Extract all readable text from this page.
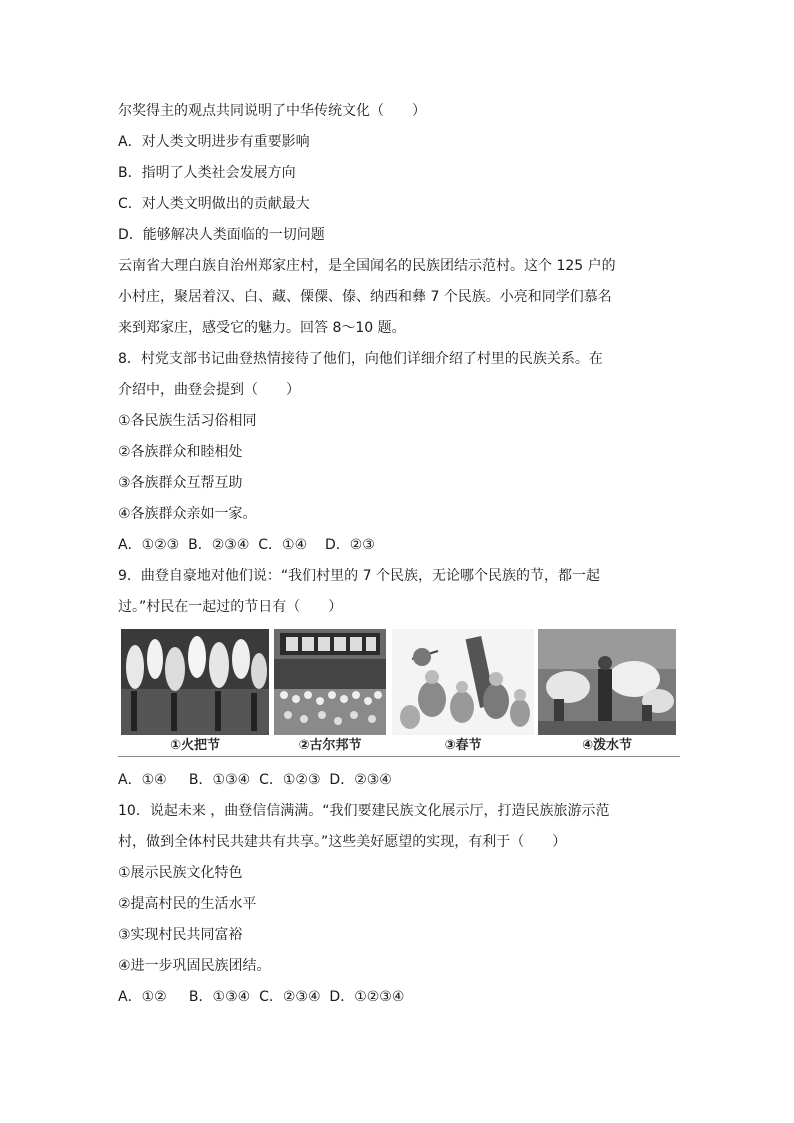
尔奖得主的观点共同说明了中华传统文化（　　）

A．对人类文明进步有重要影响

B．指明了人类社会发展方向

C．对人类文明做出的贡献最大

D．能够解决人类面临的一切问题

云南省大理白族自治州郑家庄村，是全国闻名的民族团结示范村。这个 125 户的

小村庄，聚居着汉、白、藏、傈僳、傣、纳西和彝 7 个民族。小亮和同学们慕名

来到郑家庄，感受它的魅力。回答 8～10 题。

8．村党支部书记曲登热情接待了他们，向他们详细介绍了村里的民族关系。在

介绍中，曲登会提到（　　）

①各民族生活习俗相同

②各族群众和睦相处

③各族群众互帮互助

④各族群众亲如一家。

A．①②③  B．②③④  C．①④    D．②③

9．曲登自豪地对他们说：“我们村里的 7 个民族，无论哪个民族的节，都一起

过。”村民在一起过的节日有（　　）

①火把节	②古尔邦节	③春节	④泼水节

A．①④     B．①③④  C．①②③  D．②③④

10．说起未来 ，曲登信信满满。“我们要建民族文化展示厅，打造民族旅游示范

村，做到全体村民共建共有共享。”这些美好愿望的实现，有利于（　　）

①展示民族文化特色

②提高村民的生活水平

③实现村民共同富裕

④进一步巩固民族团结。

A．①②     B．①③④  C．②③④  D．①②③④
